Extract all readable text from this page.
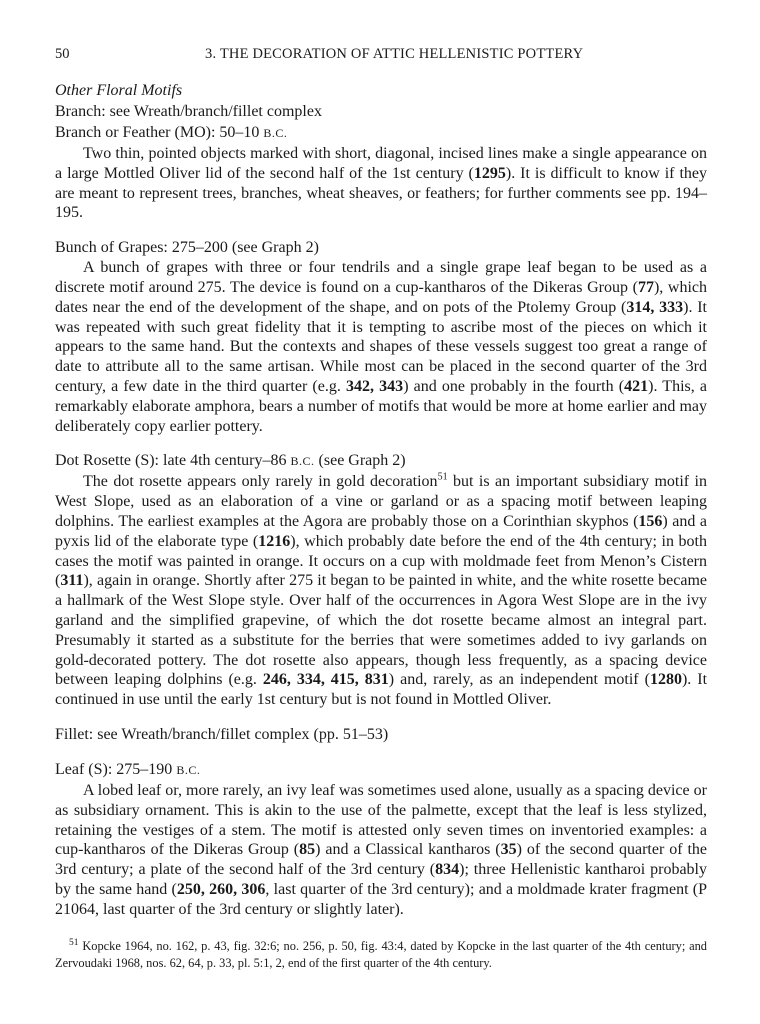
50	3. THE DECORATION OF ATTIC HELLENISTIC POTTERY

Other Floral Motifs

Branch: see Wreath/branch/fillet complex

Branch or Feather (MO): 50–10 B.C.

Two thin, pointed objects marked with short, diagonal, incised lines make a single appearance on a large Mottled Oliver lid of the second half of the 1st century (1295). It is difficult to know if they are meant to represent trees, branches, wheat sheaves, or feathers; for further comments see pp. 194–195.

Bunch of Grapes: 275–200 (see Graph 2)

A bunch of grapes with three or four tendrils and a single grape leaf began to be used as a discrete motif around 275. The device is found on a cup-kantharos of the Dikeras Group (77), which dates near the end of the development of the shape, and on pots of the Ptolemy Group (314, 333). It was repeated with such great fidelity that it is tempting to ascribe most of the pieces on which it appears to the same hand. But the contexts and shapes of these vessels suggest too great a range of date to attribute all to the same artisan. While most can be placed in the second quarter of the 3rd century, a few date in the third quarter (e.g. 342, 343) and one probably in the fourth (421). This, a remarkably elaborate amphora, bears a number of motifs that would be more at home earlier and may deliberately copy earlier pottery.

Dot Rosette (S): late 4th century–86 B.C. (see Graph 2)

The dot rosette appears only rarely in gold decoration$^{51}$ but is an important subsidiary motif in West Slope, used as an elaboration of a vine or garland or as a spacing motif between leaping dolphins. The earliest examples at the Agora are probably those on a Corinthian skyphos (156) and a pyxis lid of the elaborate type (1216), which probably date before the end of the 4th century; in both cases the motif was painted in orange. It occurs on a cup with moldmade feet from Menon’s Cistern (311), again in orange. Shortly after 275 it began to be painted in white, and the white rosette became a hallmark of the West Slope style. Over half of the occurrences in Agora West Slope are in the ivy garland and the simplified grapevine, of which the dot rosette became almost an integral part. Presumably it started as a substitute for the berries that were sometimes added to ivy garlands on gold-decorated pottery. The dot rosette also appears, though less frequently, as a spacing device between leaping dolphins (e.g. 246, 334, 415, 831) and, rarely, as an independent motif (1280). It continued in use until the early 1st century but is not found in Mottled Oliver.

Fillet: see Wreath/branch/fillet complex (pp. 51–53)

Leaf (S): 275–190 B.C.

A lobed leaf or, more rarely, an ivy leaf was sometimes used alone, usually as a spacing device or as subsidiary ornament. This is akin to the use of the palmette, except that the leaf is less stylized, retaining the vestiges of a stem. The motif is attested only seven times on inventoried examples: a cup-kantharos of the Dikeras Group (85) and a Classical kantharos (35) of the second quarter of the 3rd century; a plate of the second half of the 3rd century (834); three Hellenistic kantharoi probably by the same hand (250, 260, 306, last quarter of the 3rd century); and a moldmade krater fragment (P 21064, last quarter of the 3rd century or slightly later).

$^{51}$ Kopcke 1964, no. 162, p. 43, fig. 32:6; no. 256, p. 50, fig. 43:4, dated by Kopcke in the last quarter of the 4th century; and Zervoudaki 1968, nos. 62, 64, p. 33, pl. 5:1, 2, end of the first quarter of the 4th century.
